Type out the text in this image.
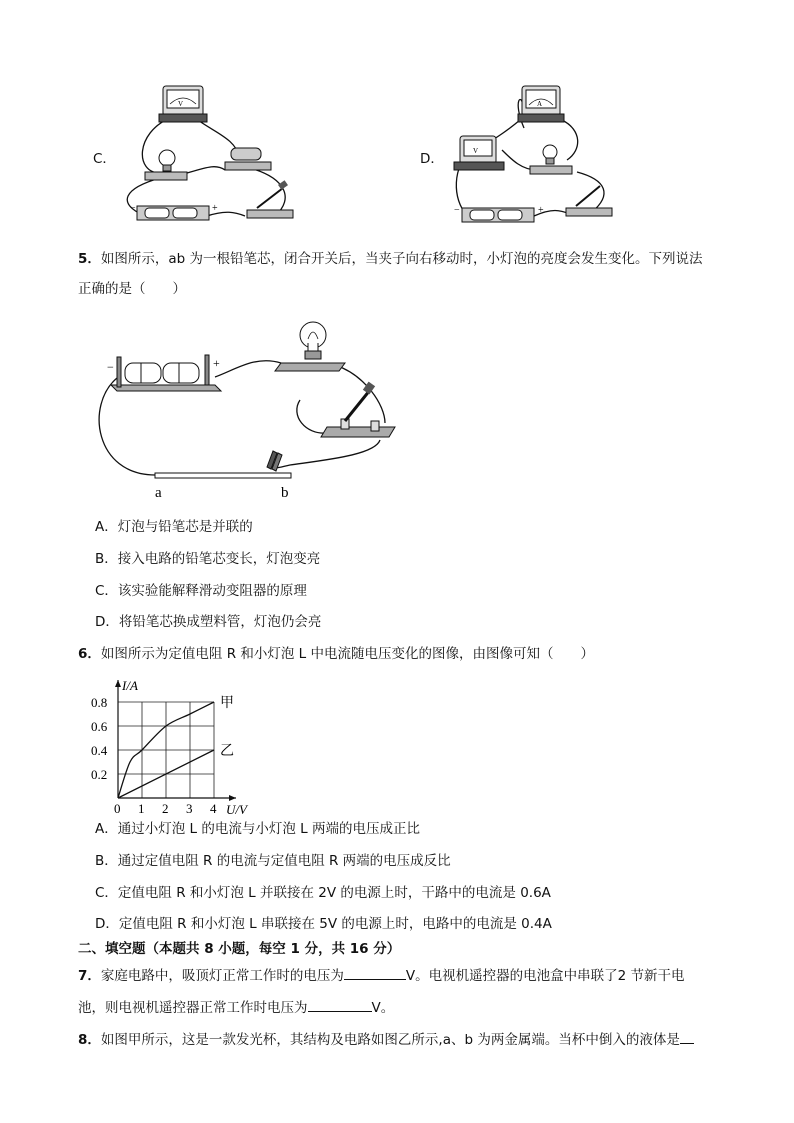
C．
V
−	+
D．
A
V
−	+
5．如图所示，ab 为一根铅笔芯，闭合开关后，当夹子向右移动时，小灯泡的亮度会发生变化。下列说法
正确的是（　　）
−	+
a	b
A．灯泡与铅笔芯是并联的
B．接入电路的铅笔芯变长，灯泡变亮
C．该实验能解释滑动变阻器的原理
D．将铅笔芯换成塑料管，灯泡仍会亮
6．如图所示为定值电阻 R 和小灯泡 L 中电流随电压变化的图像，由图像可知（　　）
0 1 2 3 4
0.2
0.4
0.6
0.8	甲
乙
I/A
U/V
A．通过小灯泡 L 的电流与小灯泡 L 两端的电压成正比
B．通过定值电阻 R 的电流与定值电阻 R 两端的电压成反比
C．定值电阻 R 和小灯泡 L 并联接在 2V 的电源上时，干路中的电流是 0.6A
D．定值电阻 R 和小灯泡 L 串联接在 5V 的电源上时，电路中的电流是 0.4A
二、填空题（本题共 8 小题，每空 1 分，共 16 分）
7．家庭电路中，吸顶灯正常工作时的电压为	V。电视机遥控器的电池盒中串联了2 节新干电
池，则电视机遥控器正常工作时电压为	V。
8．如图甲所示，这是一款发光杯，其结构及电路如图乙所示,a、b 为两金属端。当杯中倒入的液体是
